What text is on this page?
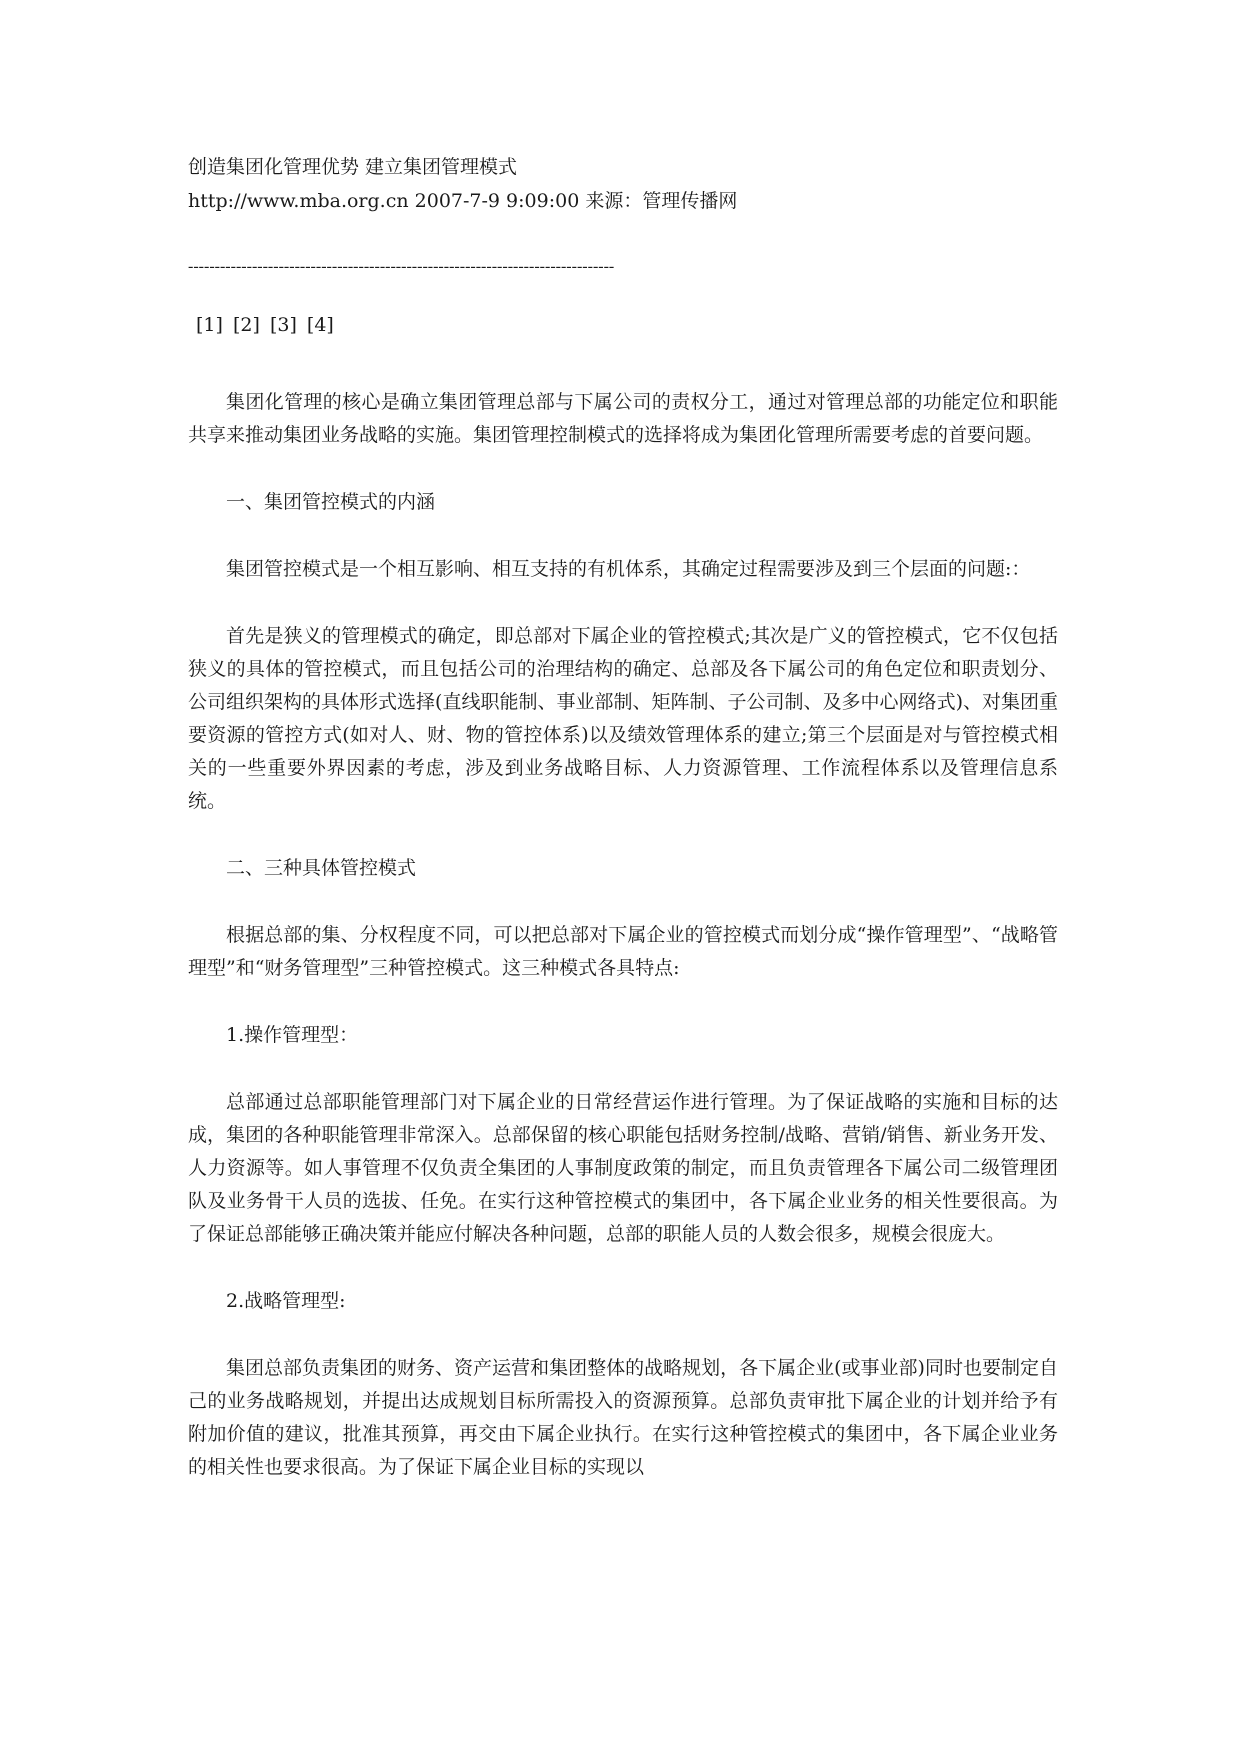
创造集团化管理优势 建立集团管理模式

http://www.mba.org.cn 2007-7-9 9:09:00 来源：管理传播网

--------------------------------------------------------------------------------
[1] [2] [3] [4]

集团化管理的核心是确立集团管理总部与下属公司的责权分工，通过对管理总部的功能定位和职能共享来推动集团业务战略的实施。集团管理控制模式的选择将成为集团化管理所需要考虑的首要问题。

一、集团管控模式的内涵

集团管控模式是一个相互影响、相互支持的有机体系，其确定过程需要涉及到三个层面的问题:：

首先是狭义的管理模式的确定，即总部对下属企业的管控模式;其次是广义的管控模式，它不仅包括狭义的具体的管控模式，而且包括公司的治理结构的确定、总部及各下属公司的角色定位和职责划分、公司组织架构的具体形式选择(直线职能制、事业部制、矩阵制、子公司制、及多中心网络式)、对集团重要资源的管控方式(如对人、财、物的管控体系)以及绩效管理体系的建立;第三个层面是对与管控模式相关的一些重要外界因素的考虑，涉及到业务战略目标、人力资源管理、工作流程体系以及管理信息系统。

二、三种具体管控模式

根据总部的集、分权程度不同，可以把总部对下属企业的管控模式而划分成“操作管理型”、“战略管理型”和“财务管理型”三种管控模式。这三种模式各具特点:

1.操作管理型：

总部通过总部职能管理部门对下属企业的日常经营运作进行管理。为了保证战略的实施和目标的达成，集团的各种职能管理非常深入。总部保留的核心职能包括财务控制/战略、营销/销售、新业务开发、人力资源等。如人事管理不仅负责全集团的人事制度政策的制定，而且负责管理各下属公司二级管理团队及业务骨干人员的选拔、任免。在实行这种管控模式的集团中，各下属企业业务的相关性要很高。为了保证总部能够正确决策并能应付解决各种问题，总部的职能人员的人数会很多，规模会很庞大。

2.战略管理型:

集团总部负责集团的财务、资产运营和集团整体的战略规划，各下属企业(或事业部)同时也要制定自己的业务战略规划，并提出达成规划目标所需投入的资源预算。总部负责审批下属企业的计划并给予有附加价值的建议，批准其预算，再交由下属企业执行。在实行这种管控模式的集团中，各下属企业业务的相关性也要求很高。为了保证下属企业目标的实现以
